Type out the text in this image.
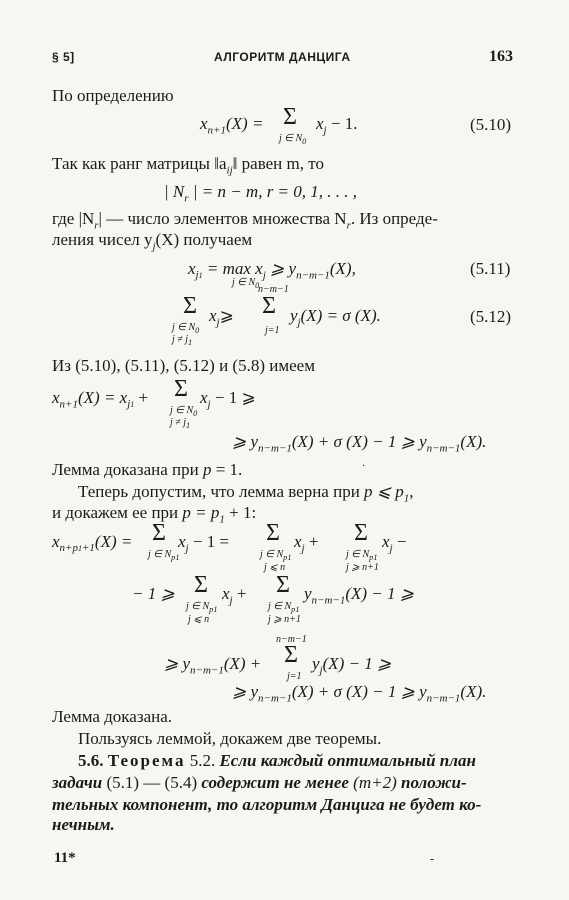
§ 5]	АЛГОРИТМ ДАНЦИГА	163
По определению
$x_{n+1}(X) = \Sigma$
j ∈ $N_0$
$x_j - 1$.	(5.10)
Так как ранг матрицы $‖a_{ij}‖$ равен m, то
| $N_r$ | = n − m, r = 0, 1, . . . ,
где $|N_r|$ — число элементов множества $N_r$. Из опреде-
ления чисел $y_j(X)$ получаем
$x_{j1} = \max x_j$ ⩾ $y_{n-m-1}(X)$,
j ∈ $N_0$
(5.11)
n−m−1
Σ $x_j⩾$ Σ $y_j(X) = \sigma$ (X).
j ∈ $N_0$
$j \ne j_1$
j=1
(5.12)
Из (5.10), (5.11), (5.12) и (5.8) имеем
$x_{n+1}(X) = x_{j1} + \Sigma$ $x_j - 1$ ⩾
j ∈ $N_0$
$j \ne j_1$
⩾ $y_{n-m-1}(X) + \sigma$ (X) − 1 ⩾ $y_{n-m-1}(X)$.
Лемма доказана при p = 1.	·
Теперь допустим, что лемма верна при p ⩽ $p_1$,
и докажем ее при $p = p_1 + 1$:
$x_{n+p1+1}(X) = \Sigma$ $x_j - 1 = \Sigma$ $x_j + \Sigma$ $x_j$ −
j ∈ $N_{p1}$	j ∈ $N_{p1}$
j ⩽ n
j ∈ $N_{p1}$
j ⩾ n+1
− 1 ⩾ Σ $x_j + \Sigma$ $y_{n-m-1}(X) - 1$ ⩾
j ∈ $N_{p1}$
j ⩽ n
j ∈ $N_{p1}$
j ⩾ n+1
n−m−1
⩾ $y_{n-m-1}(X) + \Sigma$ $y_j(X) - 1$ ⩾
j=1
⩾ $y_{n-m-1}(X) + \sigma$ (X) − 1 ⩾ $y_{n-m-1}(X)$.
Лемма доказана.
Пользуясь леммой, докажем две теоремы.
5.6. Теорема 5.2. Если каждый оптимальный план
задачи (5.1) — (5.4) содержит не менее (m+2) положи-
тельных компонент, то алгоритм Данцига не будет ко-
нечным.
11*	-
